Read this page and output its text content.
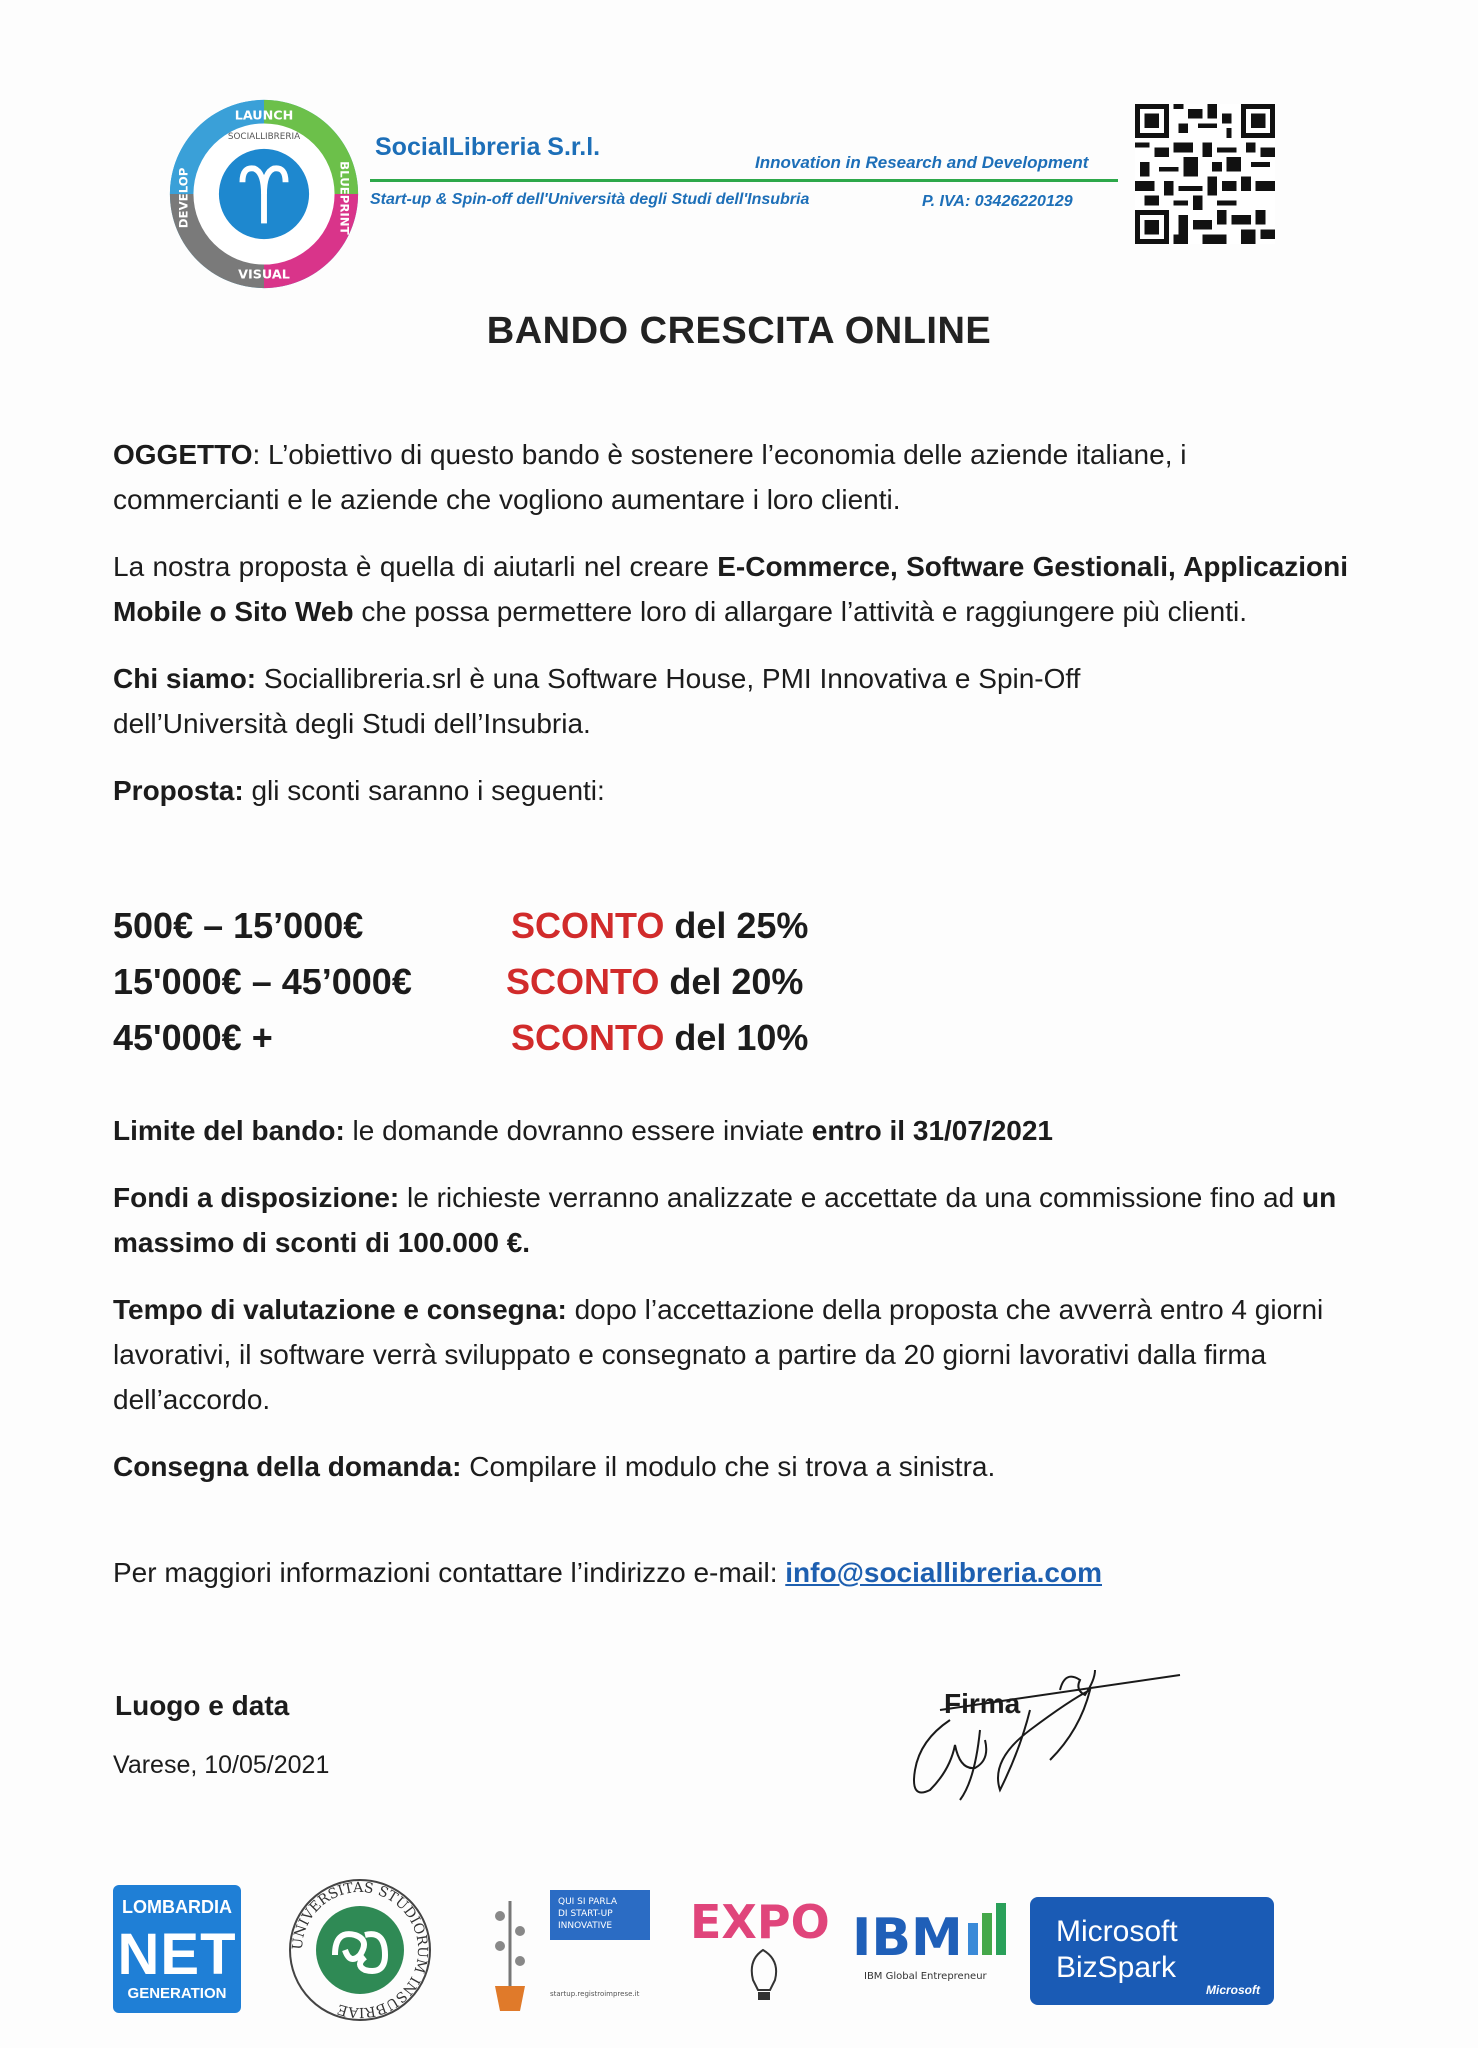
LAUNCH
BLUEPRINT
VISUAL
DEVELOP
SOCIALLIBRERIA	SocialLibreria S.r.l.
Innovation in Research and Development
Start-up & Spin-off dell'Università degli Studi dell'Insubria	P. IVA: 03426220129
BANDO CRESCITA ONLINE

OGGETTO: L’obiettivo di questo bando è sostenere l’economia delle aziende italiane, i commercianti e le aziende che vogliono aumentare i loro clienti.

La nostra proposta è quella di aiutarli nel creare E-Commerce, Software Gestionali, Applicazioni Mobile o Sito Web che possa permettere loro di allargare l’attività e raggiungere più clienti.

Chi siamo: Sociallibreria.srl è una Software House, PMI Innovativa e Spin-Off dell’Università degli Studi dell’Insubria.

Proposta: gli sconti saranno i seguenti:

500€ – 15’000€	SCONTO del 25%
15'000€ – 45’000€	SCONTO del 20%
45'000€ +	SCONTO del 10%

Limite del bando: le domande dovranno essere inviate entro il 31/07/2021

Fondi a disposizione: le richieste verranno analizzate e accettate da una commissione fino ad un massimo di sconti di 100.000 €.

Tempo di valutazione e consegna: dopo l’accettazione della proposta che avverrà entro 4 giorni lavorativi, il software verrà sviluppato e consegnato a partire da 20 giorni lavorativi dalla firma dell’accordo.

Consegna della domanda: Compilare il modulo che si trova a sinistra.

Per maggiori informazioni contattare l’indirizzo e-mail: info@sociallibreria.com
Luogo e data
Varese, 10/05/2021
Firma
LOMBARDIA
NET
GENERATION
UNIVERSITAS STUDIORUM INSUBRIAE
QUI SI PARLA
DI START-UP
INNOVATIVE
startup.registroimprese.it
EXPO IBM
IBM Global Entrepreneur
Microsoft
BizSpark
Microsoft
